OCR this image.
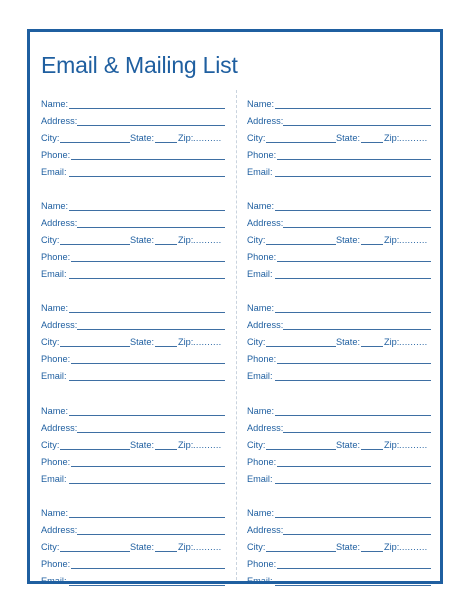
Email & Mailing List
Name:
Address:
City:	State:	Zip: ..........
Phone:
Email:
Name:
Address:
City:	State:	Zip: ..........
Phone:
Email:
Name:
Address:
City:	State:	Zip: ..........
Phone:
Email:
Name:
Address:
City:	State:	Zip: ..........
Phone:
Email:
Name:
Address:
City:	State:	Zip: ..........
Phone:
Email:
Name:
Address:
City:	State:	Zip: ..........
Phone:
Email:
Name:
Address:
City:	State:	Zip: ..........
Phone:
Email:
Name:
Address:
City:	State:	Zip: ..........
Phone:
Email:
Name:
Address:
City:	State:	Zip: ..........
Phone:
Email:
Name:
Address:
City:	State:	Zip: ..........
Phone:
Email:
